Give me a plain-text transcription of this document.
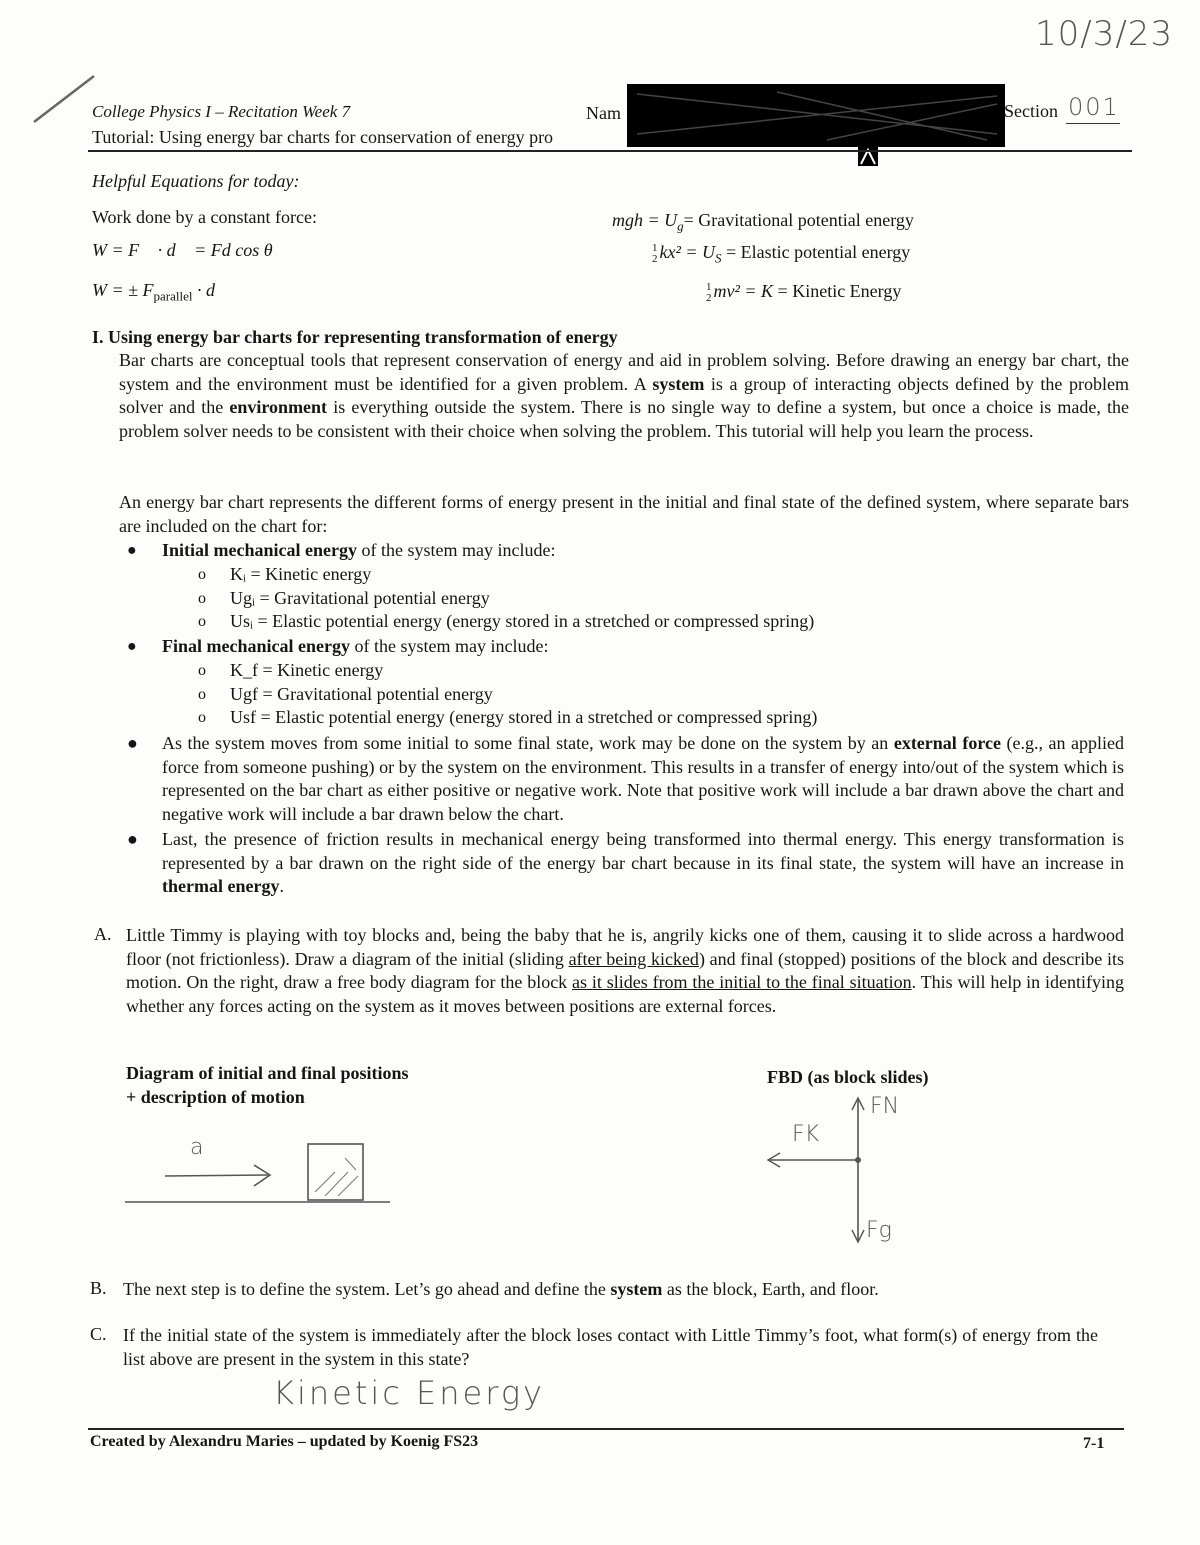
10/3/23
College Physics I – Recitation Week 7
Tutorial: Using energy bar charts for conservation of energy pro
Nam	Section 001
Helpful Equations for today:
Work done by a constant force:
W = F⃗ · d⃗ = Fd cos θ
W = ± $F_{parallel} \cdot d$
mgh = $U_g=$ Gravitational potential energy
1
2 $kx^2 = U_S$ = Elastic potential energy
1
2 mv² = K = Kinetic Energy
I. Using energy bar charts for representing transformation of energy
Bar charts are conceptual tools that represent conservation of energy and aid in problem solving. Before drawing an energy bar chart, the system and the environment must be identified for a given problem. A system is a group of interacting objects defined by the problem solver and the environment is everything outside the system. There is no single way to define a system, but once a choice is made, the problem solver needs to be consistent with their choice when solving the problem. This tutorial will help you learn the process.
An energy bar chart represents the different forms of energy present in the initial and final state of the defined system, where separate bars are included on the chart for:
● Initial mechanical energy of the system may include:
o Kᵢ = Kinetic energy
o Ugᵢ = Gravitational potential energy
o Usᵢ = Elastic potential energy (energy stored in a stretched or compressed spring)
● Final mechanical energy of the system may include:
o K_f = Kinetic energy
o Ugf = Gravitational potential energy
o Usf = Elastic potential energy (energy stored in a stretched or compressed spring)
● As the system moves from some initial to some final state, work may be done on the system by an external force (e.g., an applied force from someone pushing) or by the system on the environment. This results in a transfer of energy into/out of the system which is represented on the bar chart as either positive or negative work. Note that positive work will include a bar drawn above the chart and negative work will include a bar drawn below the chart.
● Last, the presence of friction results in mechanical energy being transformed into thermal energy. This energy transformation is represented by a bar drawn on the right side of the energy bar chart because in its final state, the system will have an increase in thermal energy.
A. Little Timmy is playing with toy blocks and, being the baby that he is, angrily kicks one of them, causing it to slide across a hardwood floor (not frictionless). Draw a diagram of the initial (sliding after being kicked) and final (stopped) positions of the block and describe its motion. On the right, draw a free body diagram for the block as it slides from the initial to the final situation. This will help in identifying whether any forces acting on the system as it moves between positions are external forces.
Diagram of initial and final positions
+ description of motion
FBD (as block slides)
a
FN
FK
Fg
B. The next step is to define the system. Let’s go ahead and define the system as the block, Earth, and floor.
C. If the initial state of the system is immediately after the block loses contact with Little Timmy’s foot, what form(s) of energy from the list above are present in the system in this state?
Kinetic Energy
Created by Alexandru Maries – updated by Koenig FS23	7-1
